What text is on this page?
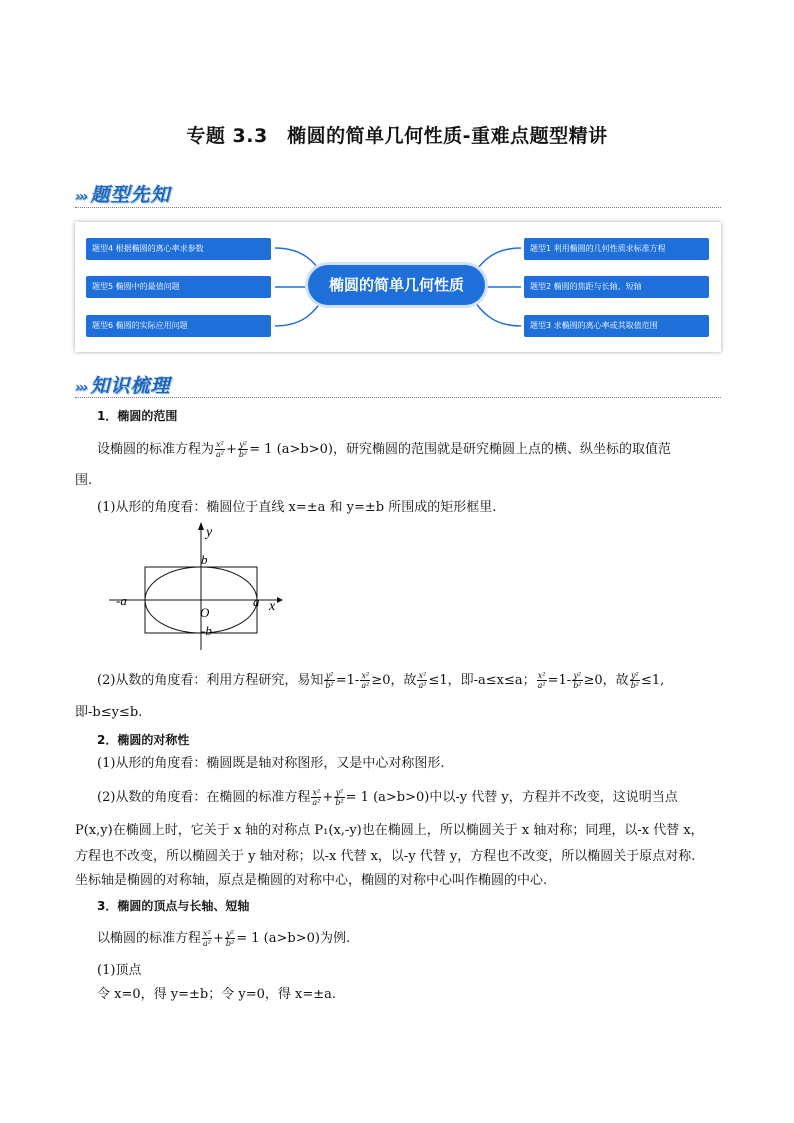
专题 3.3　椭圆的简单几何性质-重难点题型精讲
››› 题型先知
题型4 根据椭圆的离心率求参数
题型5 椭圆中的最值问题
题型6 椭圆的实际应用问题
椭圆的简单几何性质
题型1 利用椭圆的几何性质求标准方程
题型2 椭圆的焦距与长轴、短轴
题型3 求椭圆的离心率或其取值范围
››› 知识梳理
1．椭圆的范围
设椭圆的标准方程为 $\frac{\text{x²}}{\text{a²}} + \frac{\text{y²}}{\text{b²}} = 1$ (a>b>0)，研究椭圆的范围就是研究椭圆上点的横、纵坐标的取值范
围.
(1)从形的角度看：椭圆位于直线 x=±a 和 y=±b 所围成的矩形框里.
y
x
b
-b
-a	a
O
(2)从数的角度看：利用方程研究，易知 $\frac{\text{y²}}{\text{b²}} =1- \frac{\text{x²}}{\text{a²}} \ge 0$，故 $\frac{\text{x²}}{\text{a²}} \le 1$，即-a≤x≤a； $\frac{\text{x²}}{\text{a²}} =1- \frac{\text{y²}}{\text{b²}} \ge 0$，故 $\frac{\text{y²}}{\text{b²}} \le 1$,
即-b≤y≤b.
2．椭圆的对称性
(1)从形的角度看：椭圆既是轴对称图形，又是中心对称图形.
(2)从数的角度看：在椭圆的标准方程 $\frac{\text{x²}}{\text{a²}} + \frac{\text{y²}}{\text{b²}} = 1$ (a>b>0)中以-y 代替 y，方程并不改变，这说明当点
P(x,y)在椭圆上时，它关于 x 轴的对称点 P₁(x,-y)也在椭圆上，所以椭圆关于 x 轴对称；同理，以-x 代替 x，
方程也不改变，所以椭圆关于 y 轴对称；以-x 代替 x，以-y 代替 y，方程也不改变，所以椭圆关于原点对称.
坐标轴是椭圆的对称轴，原点是椭圆的对称中心，椭圆的对称中心叫作椭圆的中心.
3．椭圆的顶点与长轴、短轴
以椭圆的标准方程 $\frac{\text{x²}}{\text{a²}} + \frac{\text{y²}}{\text{b²}} = 1$ (a>b>0)为例.
(1)顶点
令 x=0，得 y=±b；令 y=0，得 x=±a.
